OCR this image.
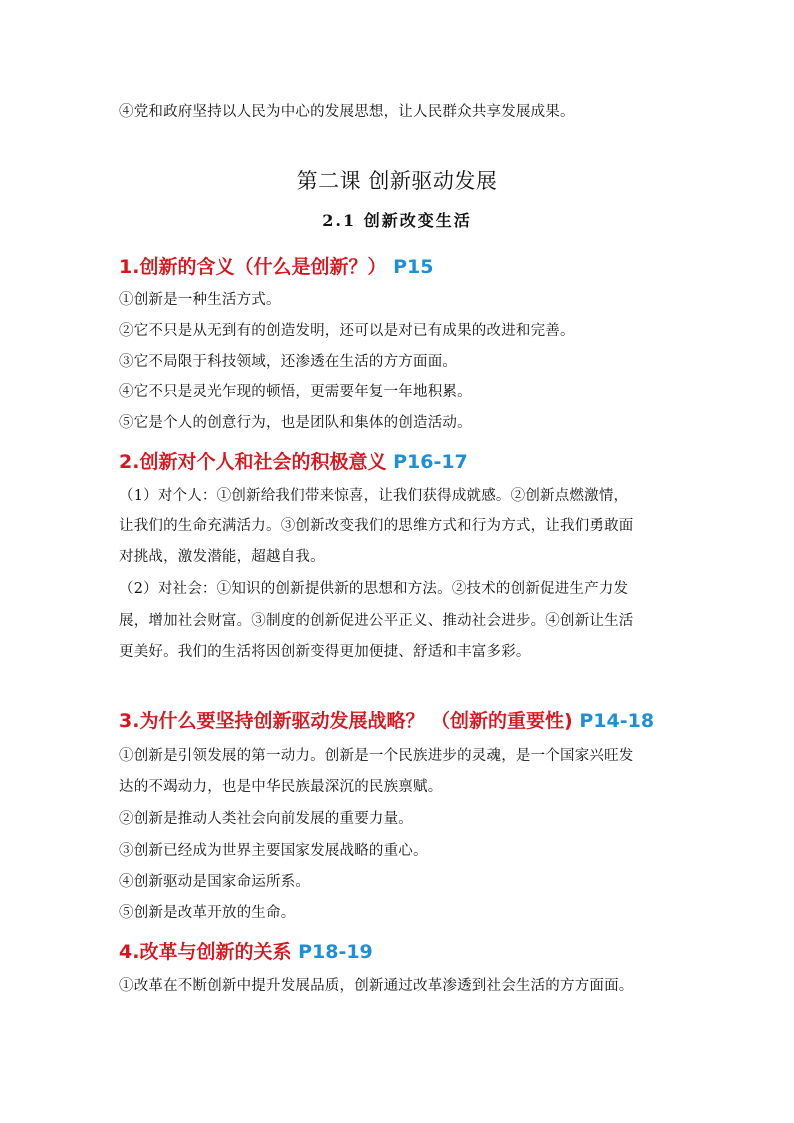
④党和政府坚持以人民为中心的发展思想，让人民群众共享发展成果。
第二课 创新驱动发展
2.1 创新改变生活
1.创新的含义（什么是创新？） P15
①创新是一种生活方式。
②它不只是从无到有的创造发明，还可以是对已有成果的改进和完善。
③它不局限于科技领域，还渗透在生活的方方面面。
④它不只是灵光乍现的顿悟，更需要年复一年地积累。
⑤它是个人的创意行为，也是团队和集体的创造活动。
2.创新对个人和社会的积极意义 P16-17
（1）对个人：①创新给我们带来惊喜，让我们获得成就感。②创新点燃激情，
让我们的生命充满活力。③创新改变我们的思维方式和行为方式，让我们勇敢面
对挑战，激发潜能，超越自我。
（2）对社会：①知识的创新提供新的思想和方法。②技术的创新促进生产力发
展，增加社会财富。③制度的创新促进公平正义、推动社会进步。④创新让生活
更美好。我们的生活将因创新变得更加便捷、舒适和丰富多彩。
3.为什么要坚持创新驱动发展战略？ （创新的重要性) P14-18
①创新是引领发展的第一动力。创新是一个民族进步的灵魂，是一个国家兴旺发
达的不竭动力，也是中华民族最深沉的民族禀赋。
②创新是推动人类社会向前发展的重要力量。
③创新已经成为世界主要国家发展战略的重心。
④创新驱动是国家命运所系。
⑤创新是改革开放的生命。
4.改革与创新的关系 P18-19
①改革在不断创新中提升发展品质，创新通过改革渗透到社会生活的方方面面。
